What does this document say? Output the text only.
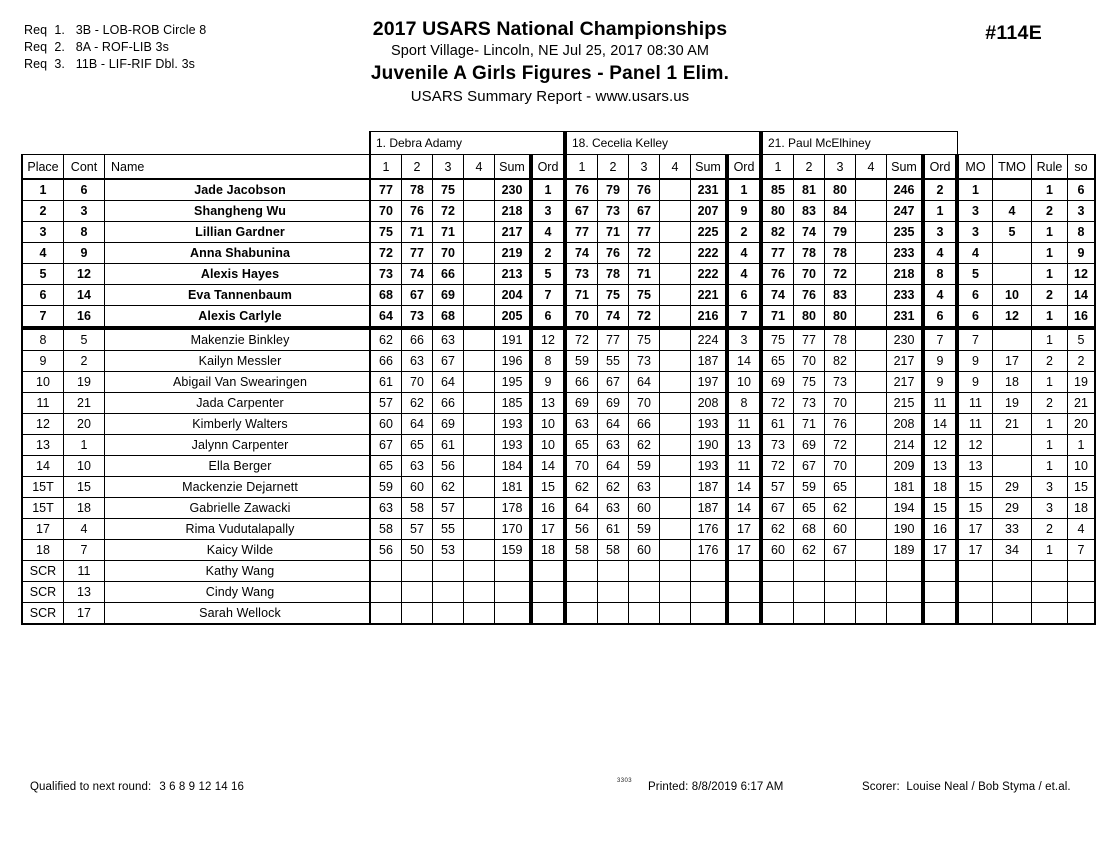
Req  1.   3B - LOB-ROB Circle 8
Req  2.   8A - ROF-LIB 3s
Req  3.   11B - LIF-RIF Dbl. 3s
2017 USARS National Championships
Sport Village- Lincoln, NE Jul 25, 2017 08:30 AM
Juvenile A Girls Figures - Panel 1 Elim.
USARS Summary Report - www.usars.us
#114E
			1. Debra Adamy						18. Cecelia Kelley						21. Paul McElhiney									
Place	Cont	Name	1	2	3	4	Sum	Ord	1	2	3	4	Sum	Ord	1	2	3	4	Sum	Ord	MO	TMO	Rule	so
1	6	Jade Jacobson	77	78	75		230	1	76	79	76		231	1	85	81	80		246	2	1		1	6
2	3	Shangheng Wu	70	76	72		218	3	67	73	67		207	9	80	83	84		247	1	3	4	2	3
3	8	Lillian Gardner	75	71	71		217	4	77	71	77		225	2	82	74	79		235	3	3	5	1	8
4	9	Anna Shabunina	72	77	70		219	2	74	76	72		222	4	77	78	78		233	4	4		1	9
5	12	Alexis Hayes	73	74	66		213	5	73	78	71		222	4	76	70	72		218	8	5		1	12
6	14	Eva Tannenbaum	68	67	69		204	7	71	75	75		221	6	74	76	83		233	4	6	10	2	14
7	16	Alexis Carlyle	64	73	68		205	6	70	74	72		216	7	71	80	80		231	6	6	12	1	16
8	5	Makenzie Binkley	62	66	63		191	12	72	77	75		224	3	75	77	78		230	7	7		1	5
9	2	Kailyn Messler	66	63	67		196	8	59	55	73		187	14	65	70	82		217	9	9	17	2	2
10	19	Abigail Van Swearingen	61	70	64		195	9	66	67	64		197	10	69	75	73		217	9	9	18	1	19
11	21	Jada Carpenter	57	62	66		185	13	69	69	70		208	8	72	73	70		215	11	11	19	2	21
12	20	Kimberly Walters	60	64	69		193	10	63	64	66		193	11	61	71	76		208	14	11	21	1	20
13	1	Jalynn Carpenter	67	65	61		193	10	65	63	62		190	13	73	69	72		214	12	12		1	1
14	10	Ella Berger	65	63	56		184	14	70	64	59		193	11	72	67	70		209	13	13		1	10
15T	15	Mackenzie Dejarnett	59	60	62		181	15	62	62	63		187	14	57	59	65		181	18	15	29	3	15
15T	18	Gabrielle Zawacki	63	58	57		178	16	64	63	60		187	14	67	65	62		194	15	15	29	3	18
17	4	Rima Vudutalapally	58	57	55		170	17	56	61	59		176	17	62	68	60		190	16	17	33	2	4
18	7	Kaicy Wilde	56	50	53		159	18	58	58	60		176	17	60	62	67		189	17	17	34	1	7
SCR	11	Kathy Wang																						
SCR	13	Cindy Wang																						
SCR	17	Sarah Wellock																						
Qualified to next round: 3 6 8 9 12 14 16	3303 Printed: 8/8/2019 6:17 AM	Scorer: Louise Neal / Bob Styma / et.al.
